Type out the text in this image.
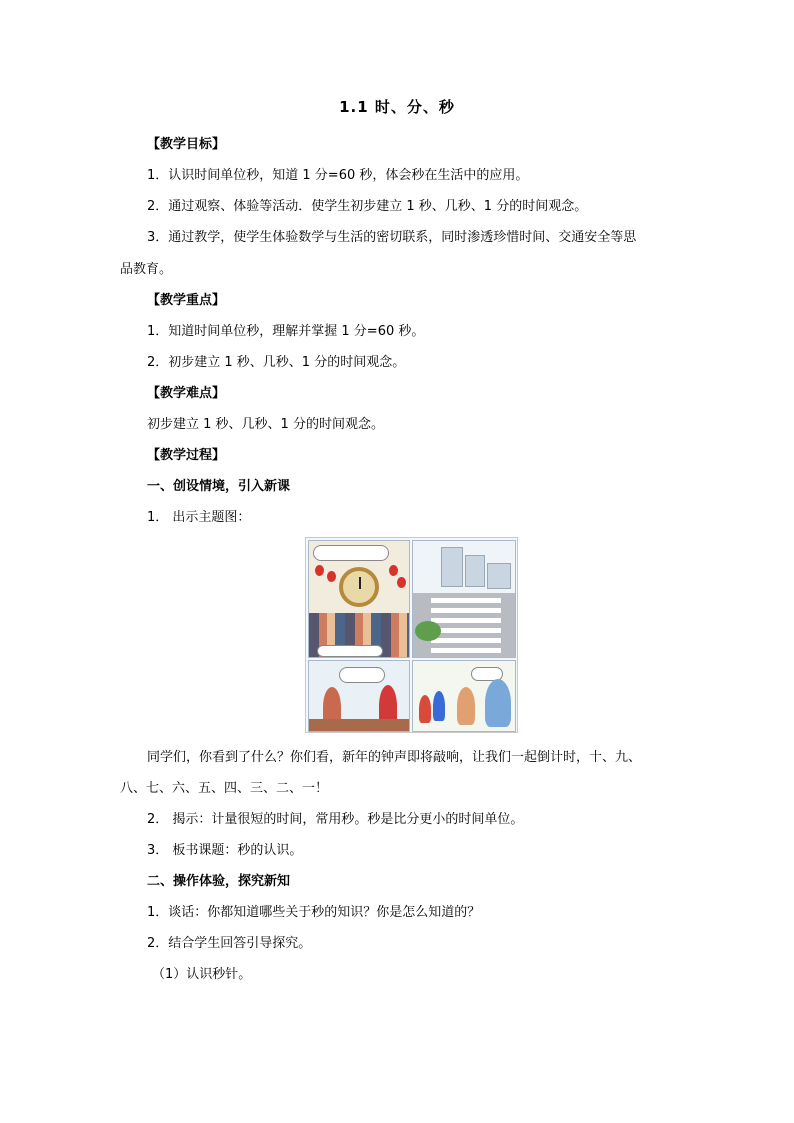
1.1 时、分、秒
【教学目标】
1．认识时间单位秒，知道 1 分=60 秒，体会秒在生活中的应用。
2．通过观察、体验等活动．使学生初步建立 1 秒、几秒、1 分的时间观念。
3．通过教学，使学生体验数学与生活的密切联系，同时渗透珍惜时间、交通安全等思
品教育。
【教学重点】
1．知道时间单位秒，理解并掌握 1 分=60 秒。
2．初步建立 1 秒、几秒、1 分的时间观念。
【教学难点】
初步建立 1 秒、几秒、1 分的时间观念。
【教学过程】
一、创设情境，引入新课
1． 出示主题图：
同学们，你看到了什么？你们看，新年的钟声即将敲响，让我们一起倒计时，十、九、
八、七、六、五、四、三、二、一！
2． 揭示：计量很短的时间，常用秒。秒是比分更小的时间单位。
3． 板书课题：秒的认识。
二、操作体验，探究新知
1．谈话：你都知道哪些关于秒的知识？你是怎么知道的？
2．结合学生回答引导探究。
（1）认识秒针。
